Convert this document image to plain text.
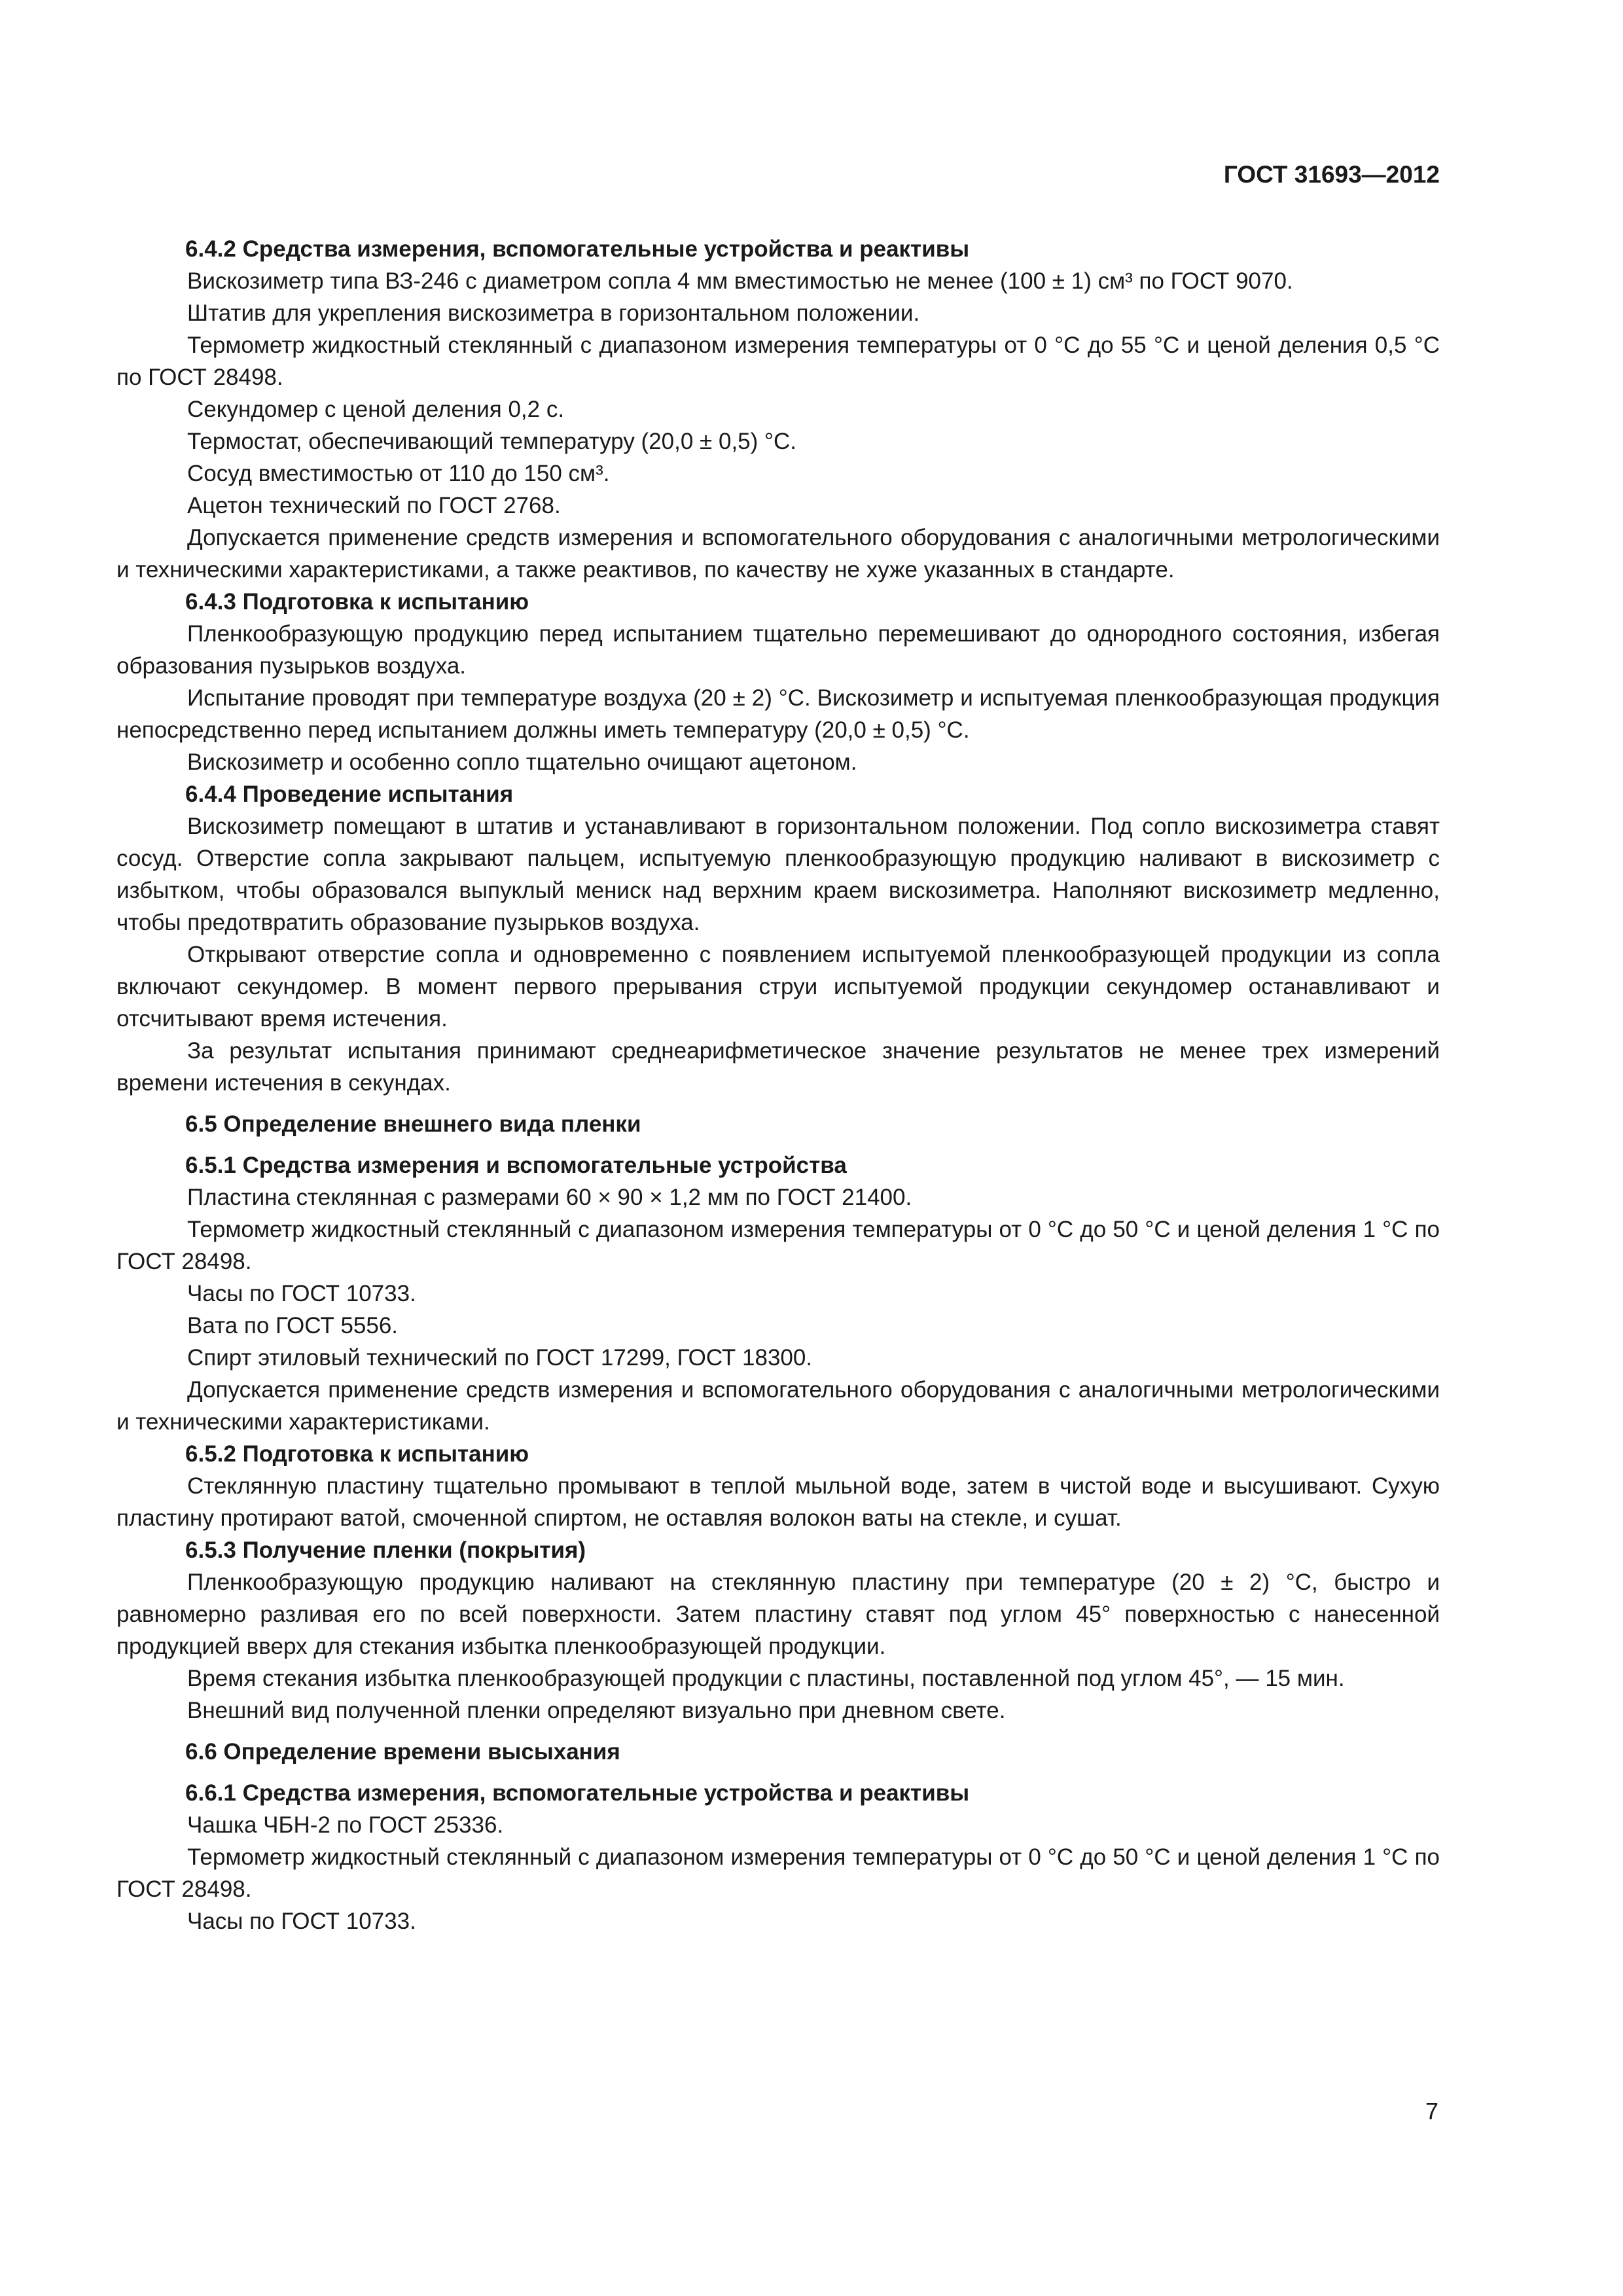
ГОСТ 31693—2012

6.4.2 Средства измерения, вспомогательные устройства и реактивы

Вискозиметр типа ВЗ-246 с диаметром сопла 4 мм вместимостью не менее (100 ± 1) см³ по ГОСТ 9070.

Штатив для укрепления вискозиметра в горизонтальном положении.

Термометр жидкостный стеклянный с диапазоном измерения температуры от 0 °С до 55 °С и ценой деления 0,5 °С по ГОСТ 28498.

Секундомер с ценой деления 0,2 с.

Термостат, обеспечивающий температуру (20,0 ± 0,5) °С.

Сосуд вместимостью от 110 до 150 см³.

Ацетон технический по ГОСТ 2768.

Допускается применение средств измерения и вспомогательного оборудования с аналогичными метрологическими и техническими характеристиками, а также реактивов, по качеству не хуже указанных в стандарте.

6.4.3 Подготовка к испытанию

Пленкообразующую продукцию перед испытанием тщательно перемешивают до однородного состояния, избегая образования пузырьков воздуха.

Испытание проводят при температуре воздуха (20 ± 2) °С. Вискозиметр и испытуемая пленкообразующая продукция непосредственно перед испытанием должны иметь температуру (20,0 ± 0,5) °С.

Вискозиметр и особенно сопло тщательно очищают ацетоном.

6.4.4 Проведение испытания

Вискозиметр помещают в штатив и устанавливают в горизонтальном положении. Под сопло вискозиметра ставят сосуд. Отверстие сопла закрывают пальцем, испытуемую пленкообразующую продукцию наливают в вискозиметр с избытком, чтобы образовался выпуклый мениск над верхним краем вискозиметра. Наполняют вискозиметр медленно, чтобы предотвратить образование пузырьков воздуха.

Открывают отверстие сопла и одновременно с появлением испытуемой пленкообразующей продукции из сопла включают секундомер. В момент первого прерывания струи испытуемой продукции секундомер останавливают и отсчитывают время истечения.

За результат испытания принимают среднеарифметическое значение результатов не менее трех измерений времени истечения в секундах.

6.5 Определение внешнего вида пленки

6.5.1 Средства измерения и вспомогательные устройства

Пластина стеклянная с размерами 60 × 90 × 1,2 мм по ГОСТ 21400.

Термометр жидкостный стеклянный с диапазоном измерения температуры от 0 °С до 50 °С и ценой деления 1 °С по ГОСТ 28498.

Часы по ГОСТ 10733.

Вата по ГОСТ 5556.

Спирт этиловый технический по ГОСТ 17299, ГОСТ 18300.

Допускается применение средств измерения и вспомогательного оборудования с аналогичными метрологическими и техническими характеристиками.

6.5.2 Подготовка к испытанию

Стеклянную пластину тщательно промывают в теплой мыльной воде, затем в чистой воде и высушивают. Сухую пластину протирают ватой, смоченной спиртом, не оставляя волокон ваты на стекле, и сушат.

6.5.3 Получение пленки (покрытия)

Пленкообразующую продукцию наливают на стеклянную пластину при температуре (20 ± 2) °С, быстро и равномерно разливая его по всей поверхности. Затем пластину ставят под углом 45° поверхностью с нанесенной продукцией вверх для стекания избытка пленкообразующей продукции.

Время стекания избытка пленкообразующей продукции с пластины, поставленной под углом 45°, — 15 мин.

Внешний вид полученной пленки определяют визуально при дневном свете.

6.6 Определение времени высыхания

6.6.1 Средства измерения, вспомогательные устройства и реактивы

Чашка ЧБН-2 по ГОСТ 25336.

Термометр жидкостный стеклянный с диапазоном измерения температуры от 0 °С до 50 °С и ценой деления 1 °С по ГОСТ 28498.

Часы по ГОСТ 10733.

7
